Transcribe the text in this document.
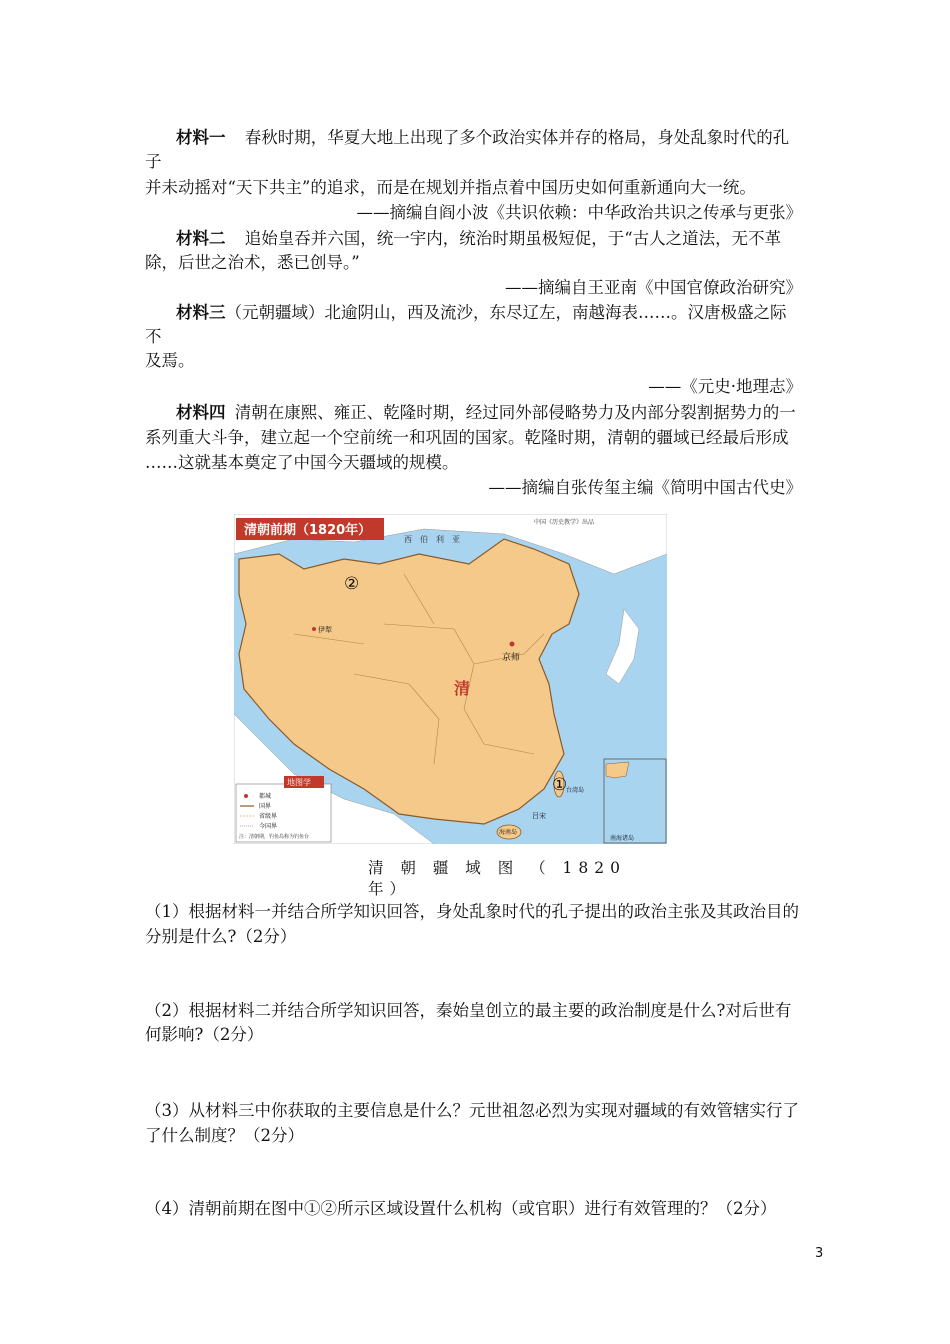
材料一 春秋时期，华夏大地上出现了多个政治实体并存的格局，身处乱象时代的孔
子
并未动摇对“天下共主”的追求，而是在规划并指点着中国历史如何重新通向大一统。
——摘编自阎小波《共识依赖：中华政治共识之传承与更张》
材料二 追始皇吞并六国，统一宇内，统治时期虽极短促，于“古人之道法，无不革
除，后世之治术，悉已创导。”
——摘编自王亚南《中国官僚政治研究》
材料三（元朝疆域）北逾阴山，西及流沙，东尽辽左，南越海表……。汉唐极盛之际
不
及焉。
——《元史·地理志》
材料四 清朝在康熙、雍正、乾隆时期，经过同外部侵略势力及内部分裂割据势力的一
系列重大斗争，建立起一个空前统一和巩固的国家。乾隆时期，清朝的疆域已经最后形成
……这就基本奠定了中国今天疆域的规模。
——摘编自张传玺主编《简明中国古代史》
清朝前期（1820年）
中国《历史教学》出品
西　伯　利　亚
清
京师
伊犁
台湾岛
海南岛
吕宋
①
②
南海诸岛
地图学
都城
国界
省级界
今国界
注：清朝期，钓鱼岛称为钓鱼台
清 朝 疆 域 图 （ 1820
年）
（1）根据材料一并结合所学知识回答，身处乱象时代的孔子提出的政治主张及其政治目的
分别是什么?（2分）
（2）根据材料二并结合所学知识回答，秦始皇创立的最主要的政治制度是什么?对后世有
何影响?（2分）
（3）从材料三中你获取的主要信息是什么？元世祖忽必烈为实现对疆域的有效管辖实行了
了什么制度？（2分）
（4）清朝前期在图中①②所示区域设置什么机构（或官职）进行有效管理的？（2分）
3
